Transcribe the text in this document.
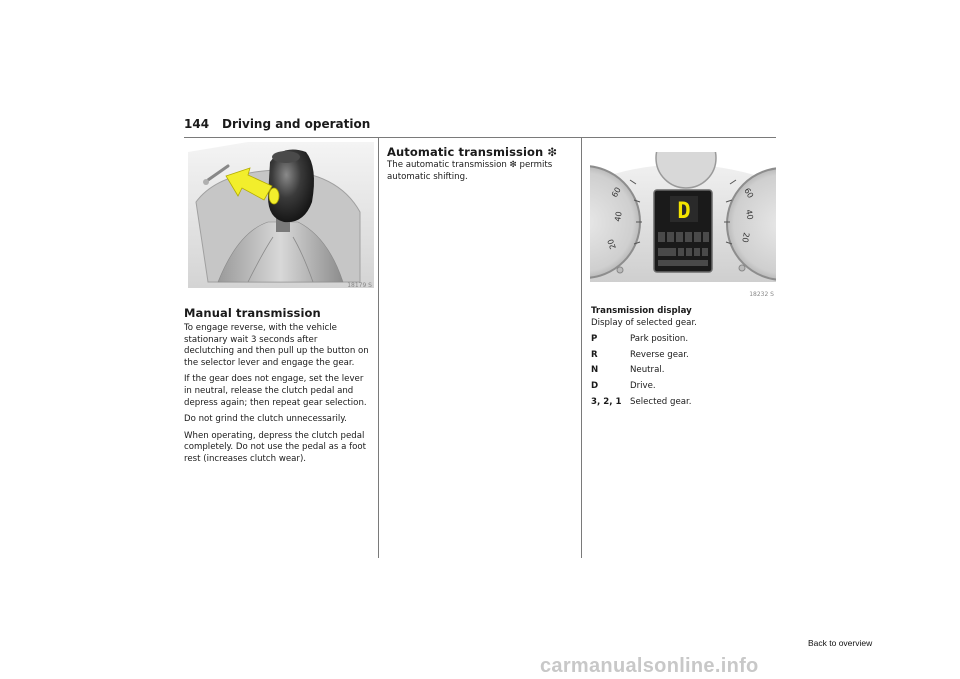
144 Driving and operation
18179 S
Manual transmission

To engage reverse, with the vehicle stationary wait 3 seconds after declutching and then pull up the button on the selector lever and engage the gear.

If the gear does not engage, set the lever in neutral, release the clutch pedal and depress again; then repeat gear selection.

Do not grind the clutch unnecessarily.

When operating, depress the clutch pedal completely. Do not use the pedal as a foot rest (increases clutch wear).

Automatic transmission ❇

The automatic transmission ❇ permits automatic shifting.

60
40
20
60
40
20
D
18232 S

Transmission display

Display of selected gear.

P	Park position.
R	Reverse gear.
N	Neutral.
D	Drive.
3, 2, 1 Selected gear.
Back to overview
carmanualsonline.info
